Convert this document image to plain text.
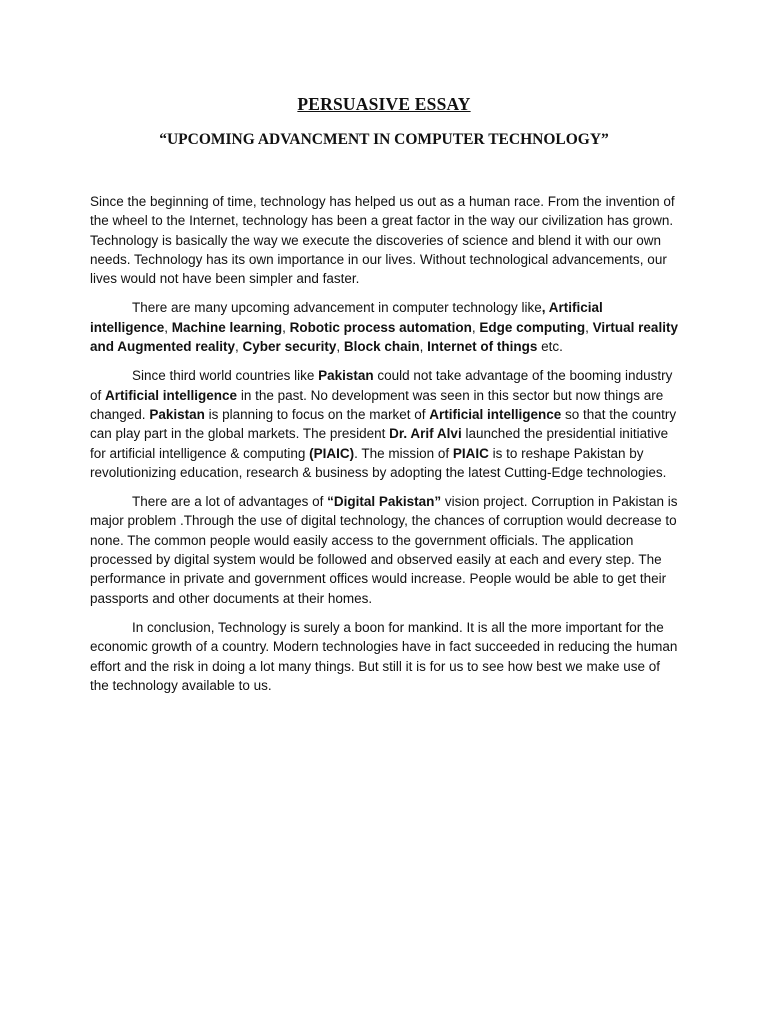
PERSUASIVE ESSAY
“UPCOMING ADVANCMENT IN COMPUTER TECHNOLOGY”

Since the beginning of time, technology has helped us out as a human race. From the invention of the wheel to the Internet, technology has been a great factor in the way our civilization has grown. Technology is basically the way we execute the discoveries of science and blend it with our own needs. Technology has its own importance in our lives. Without technological advancements, our lives would not have been simpler and faster.

There are many upcoming advancement in computer technology like, Artificial intelligence, Machine learning, Robotic process automation, Edge computing, Virtual reality and Augmented reality, Cyber security, Block chain, Internet of things etc.

Since third world countries like Pakistan could not take advantage of the booming industry of Artificial intelligence in the past. No development was seen in this sector but now things are changed. Pakistan is planning to focus on the market of Artificial intelligence so that the country can play part in the global markets. The president Dr. Arif Alvi launched the presidential initiative for artificial intelligence & computing (PIAIC). The mission of PIAIC is to reshape Pakistan by revolutionizing education, research & business by adopting the latest Cutting-Edge technologies.

There are a lot of advantages of “Digital Pakistan” vision project. Corruption in Pakistan is major problem .Through the use of digital technology, the chances of corruption would decrease to none. The common people would easily access to the government officials. The application processed by digital system would be followed and observed easily at each and every step. The performance in private and government offices would increase. People would be able to get their passports and other documents at their homes.

In conclusion, Technology is surely a boon for mankind. It is all the more important for the economic growth of a country. Modern technologies have in fact succeeded in reducing the human effort and the risk in doing a lot many things. But still it is for us to see how best we make use of the technology available to us.
